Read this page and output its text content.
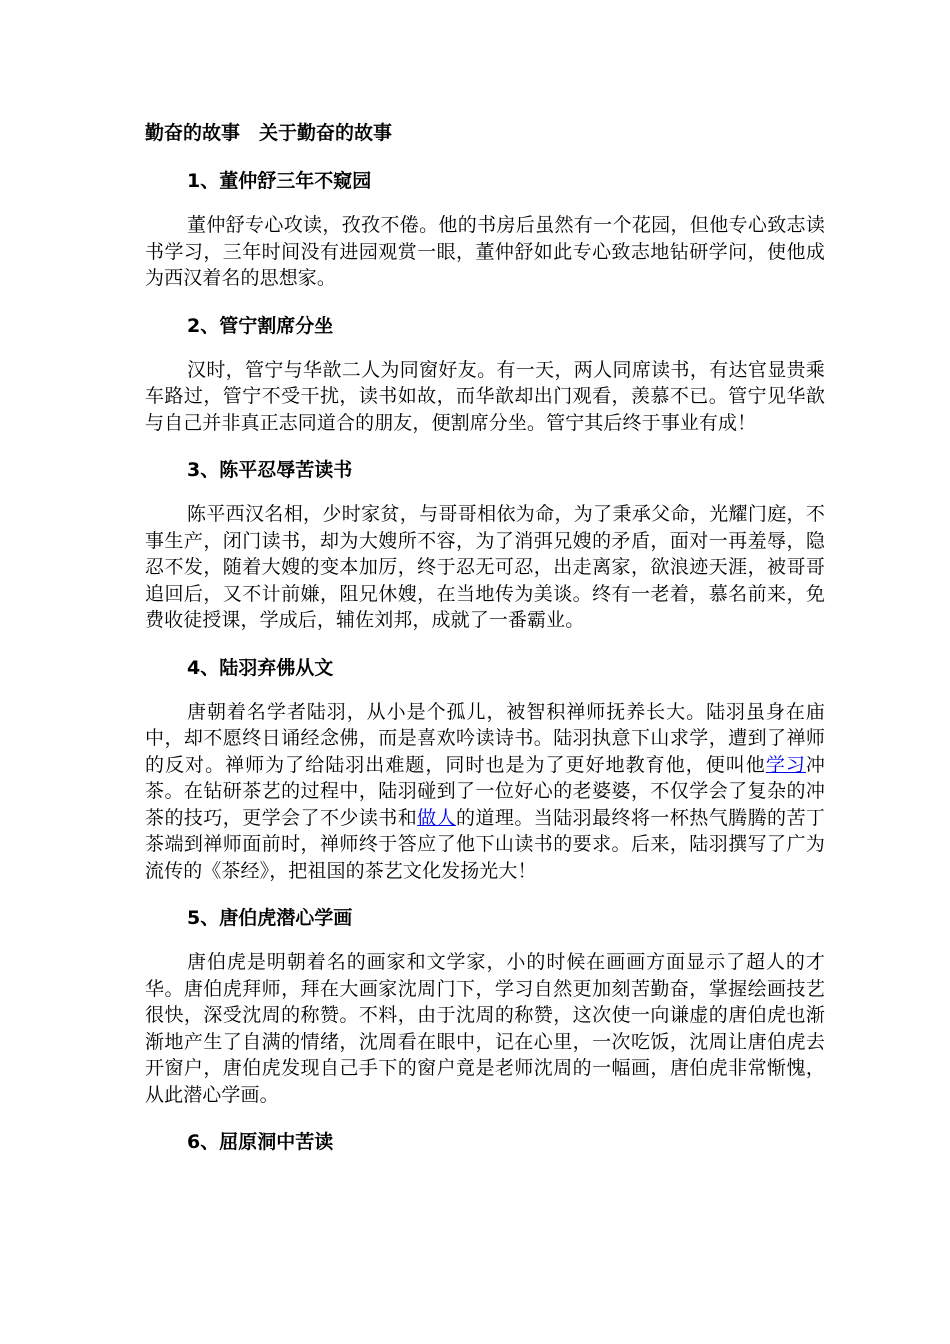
勤奋的故事　关于勤奋的故事
1、董仲舒三年不窥园

董仲舒专心攻读，孜孜不倦。他的书房后虽然有一个花园，但他专心致志读书学习，三年时间没有进园观赏一眼，董仲舒如此专心致志地钻研学问，使他成为西汉着名的思想家。

2、管宁割席分坐

汉时，管宁与华歆二人为同窗好友。有一天，两人同席读书，有达官显贵乘车路过，管宁不受干扰，读书如故，而华歆却出门观看，羡慕不已。管宁见华歆与自己并非真正志同道合的朋友，便割席分坐。管宁其后终于事业有成！

3、陈平忍辱苦读书

陈平西汉名相，少时家贫，与哥哥相依为命，为了秉承父命，光耀门庭，不事生产，闭门读书，却为大嫂所不容，为了消弭兄嫂的矛盾，面对一再羞辱，隐忍不发，随着大嫂的变本加厉，终于忍无可忍，出走离家，欲浪迹天涯，被哥哥追回后，又不计前嫌，阻兄休嫂，在当地传为美谈。终有一老着，慕名前来，免费收徒授课，学成后，辅佐刘邦，成就了一番霸业。

4、陆羽弃佛从文

唐朝着名学者陆羽，从小是个孤儿，被智积禅师抚养长大。陆羽虽身在庙中，却不愿终日诵经念佛，而是喜欢吟读诗书。陆羽执意下山求学，遭到了禅师的反对。禅师为了给陆羽出难题，同时也是为了更好地教育他，便叫他学习冲茶。在钻研茶艺的过程中，陆羽碰到了一位好心的老婆婆，不仅学会了复杂的冲茶的技巧，更学会了不少读书和做人的道理。当陆羽最终将一杯热气腾腾的苦丁茶端到禅师面前时，禅师终于答应了他下山读书的要求。后来，陆羽撰写了广为流传的《茶经》，把祖国的茶艺文化发扬光大！

5、唐伯虎潜心学画

唐伯虎是明朝着名的画家和文学家，小的时候在画画方面显示了超人的才华。唐伯虎拜师，拜在大画家沈周门下，学习自然更加刻苦勤奋，掌握绘画技艺很快，深受沈周的称赞。不料，由于沈周的称赞，这次使一向谦虚的唐伯虎也渐渐地产生了自满的情绪，沈周看在眼中，记在心里，一次吃饭，沈周让唐伯虎去开窗户，唐伯虎发现自己手下的窗户竟是老师沈周的一幅画，唐伯虎非常惭愧，从此潜心学画。

6、屈原洞中苦读
